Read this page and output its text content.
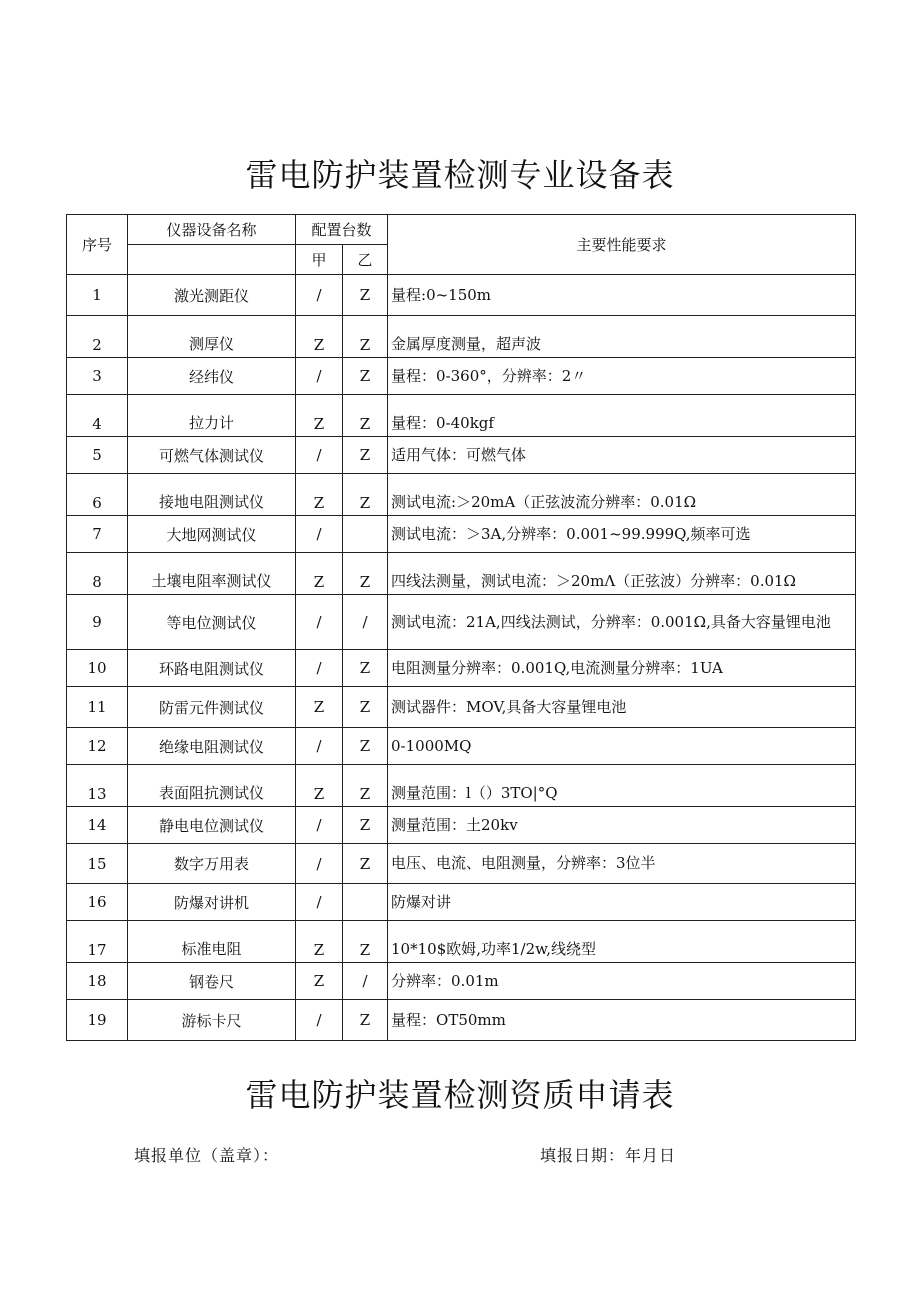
雷电防护装置检测专业设备表
序号	仪器设备名称	配置台数		主要性能要求
		甲	乙	
1	激光测距仪	/	Z	量程:0~150m
2	测厚仪	Z	Z	金属厚度测量，超声波
3	经纬仪	/	Z	量程：0-360°，分辨率：2〃
4	拉力计	Z	Z	量程：0-40kgf
5	可燃气体测试仪	/	Z	适用气体：可燃气体
6	接地电阻测试仪	Z	Z	测试电流:＞20mA（正弦波流分辨率：0.01Ω
7	大地网测试仪	/		测试电流：＞3A,分辨率：0.001~99.999Q,频率可选
8	土壤电阻率测试仪	Z	Z	四线法测量，测试电流：＞20mΛ（正弦波）分辨率：0.01Ω
9	等电位测试仪	/	/	测试电流：21A,四线法测试，分辨率：0.001Ω,具备大容量锂电池
10	环路电阻测试仪	/	Z	电阻测量分辨率：0.001Q,电流测量分辨率：1UA
11	防雷元件测试仪	Z	Z	测试器件：MOV,具备大容量锂电池
12	绝缘电阻测试仪	/	Z	0-1000MQ
13	表面阻抗测试仪	Z	Z	测量范围：l（）3TO|°Q
14	静电电位测试仪	/	Z	测量范围：土20kv
15	数字万用表	/	Z	电压、电流、电阻测量，分辨率：3位半
16	防爆对讲机	/		防爆对讲
17	标准电阻	Z	Z	10*10$欧姆,功率1/2w,线绕型
18	钢卷尺	Z	/	分辨率：0.01m
19	游标卡尺	/	Z	量程：OT50mm
填报单位（盖章）：	填报日期：年月日
雷电防护装置检测资质申请表
